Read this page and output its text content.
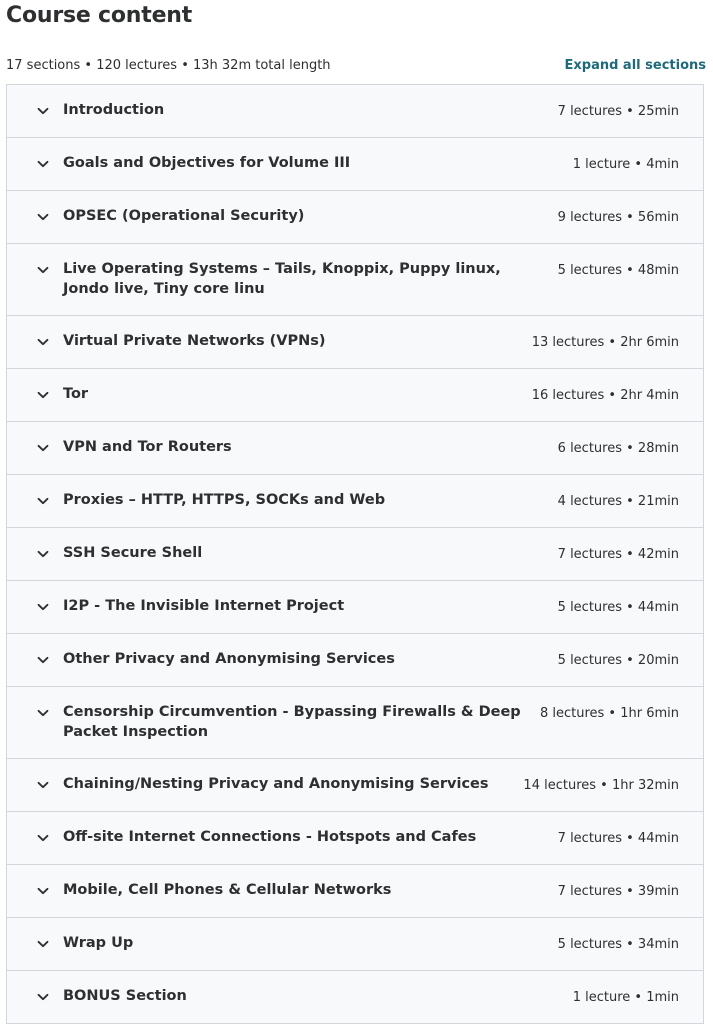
Course content
17 sections • 120 lectures • 13h 32m total length	Expand all sections
Introduction	7 lectures • 25min
Goals and Objectives for Volume III	1 lecture • 4min
OPSEC (Operational Security)	9 lectures • 56min
Live Operating Systems – Tails, Knoppix, Puppy linux, Jondo live, Tiny core linu
5 lectures • 48min
Virtual Private Networks (VPNs)	13 lectures • 2hr 6min
Tor	16 lectures • 2hr 4min
VPN and Tor Routers	6 lectures • 28min
Proxies – HTTP, HTTPS, SOCKs and Web	4 lectures • 21min
SSH Secure Shell	7 lectures • 42min
I2P - The Invisible Internet Project	5 lectures • 44min
Other Privacy and Anonymising Services	5 lectures • 20min
Censorship Circumvention - Bypassing Firewalls & Deep Packet Inspection
8 lectures • 1hr 6min
Chaining/Nesting Privacy and Anonymising Services	14 lectures • 1hr 32min
Off-site Internet Connections - Hotspots and Cafes	7 lectures • 44min
Mobile, Cell Phones & Cellular Networks	7 lectures • 39min
Wrap Up	5 lectures • 34min
BONUS Section	1 lecture • 1min
